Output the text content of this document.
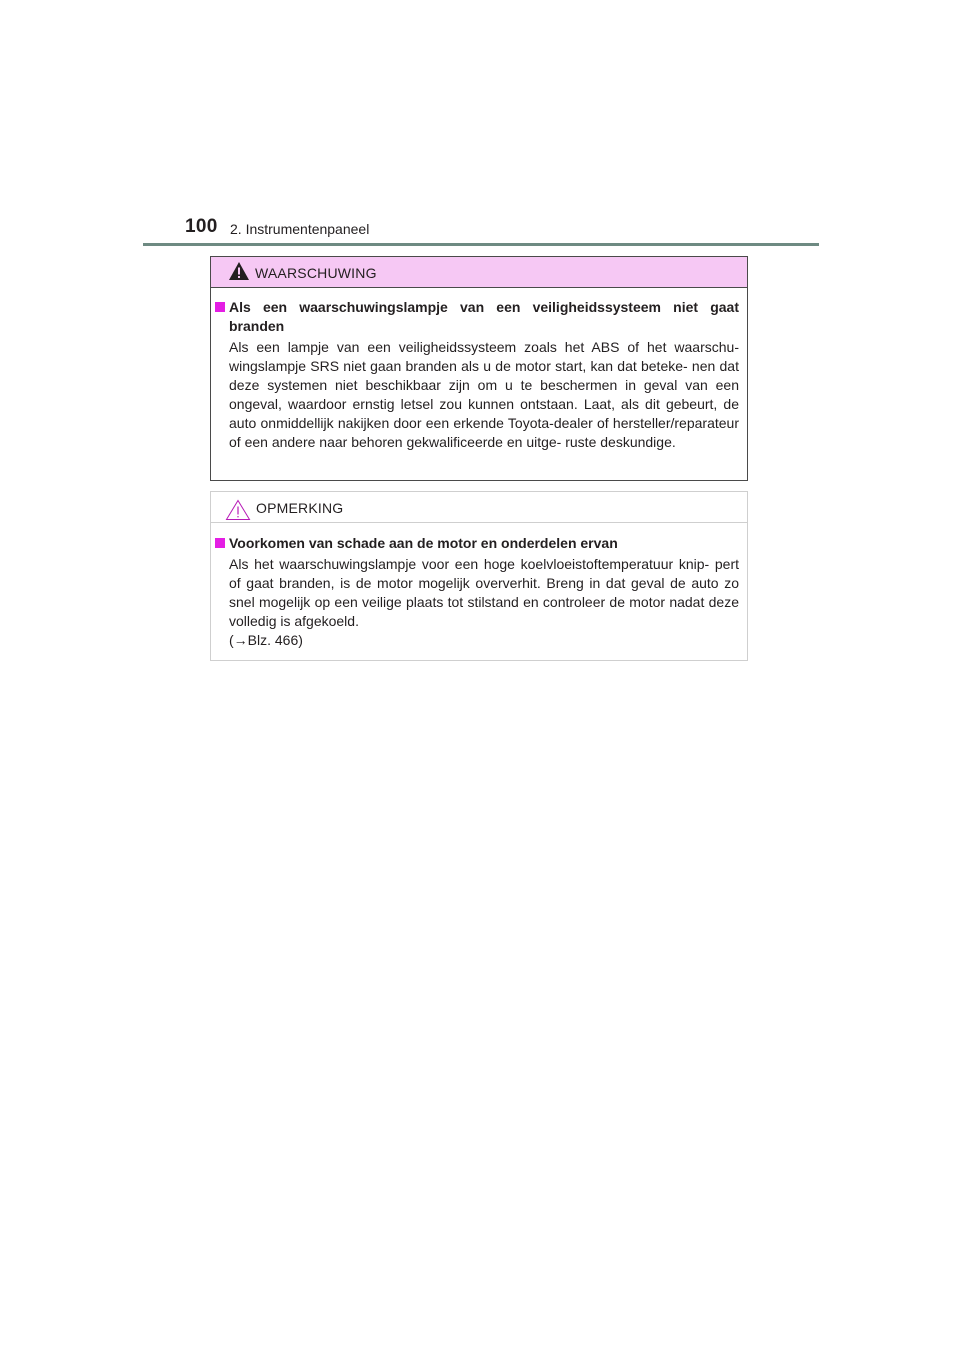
100 2. Instrumentenpaneel
WAARSCHUWING
Als een waarschuwingslampje van een veiligheidssysteem niet gaat branden
Als een lampje van een veiligheidssysteem zoals het ABS of het waarschu- wingslampje SRS niet gaan branden als u de motor start, kan dat beteke- nen dat deze systemen niet beschikbaar zijn om u te beschermen in geval van een ongeval, waardoor ernstig letsel zou kunnen ontstaan. Laat, als dit gebeurt, de auto onmiddellijk nakijken door een erkende Toyota-dealer of hersteller/reparateur of een andere naar behoren gekwalificeerde en uitge- ruste deskundige.
OPMERKING
Voorkomen van schade aan de motor en onderdelen ervan
Als het waarschuwingslampje voor een hoge koelvloeistoftemperatuur knip- pert of gaat branden, is de motor mogelijk oververhit. Breng in dat geval de auto zo snel mogelijk op een veilige plaats tot stilstand en controleer de motor nadat deze volledig is afgekoeld.
(→Blz. 466)
